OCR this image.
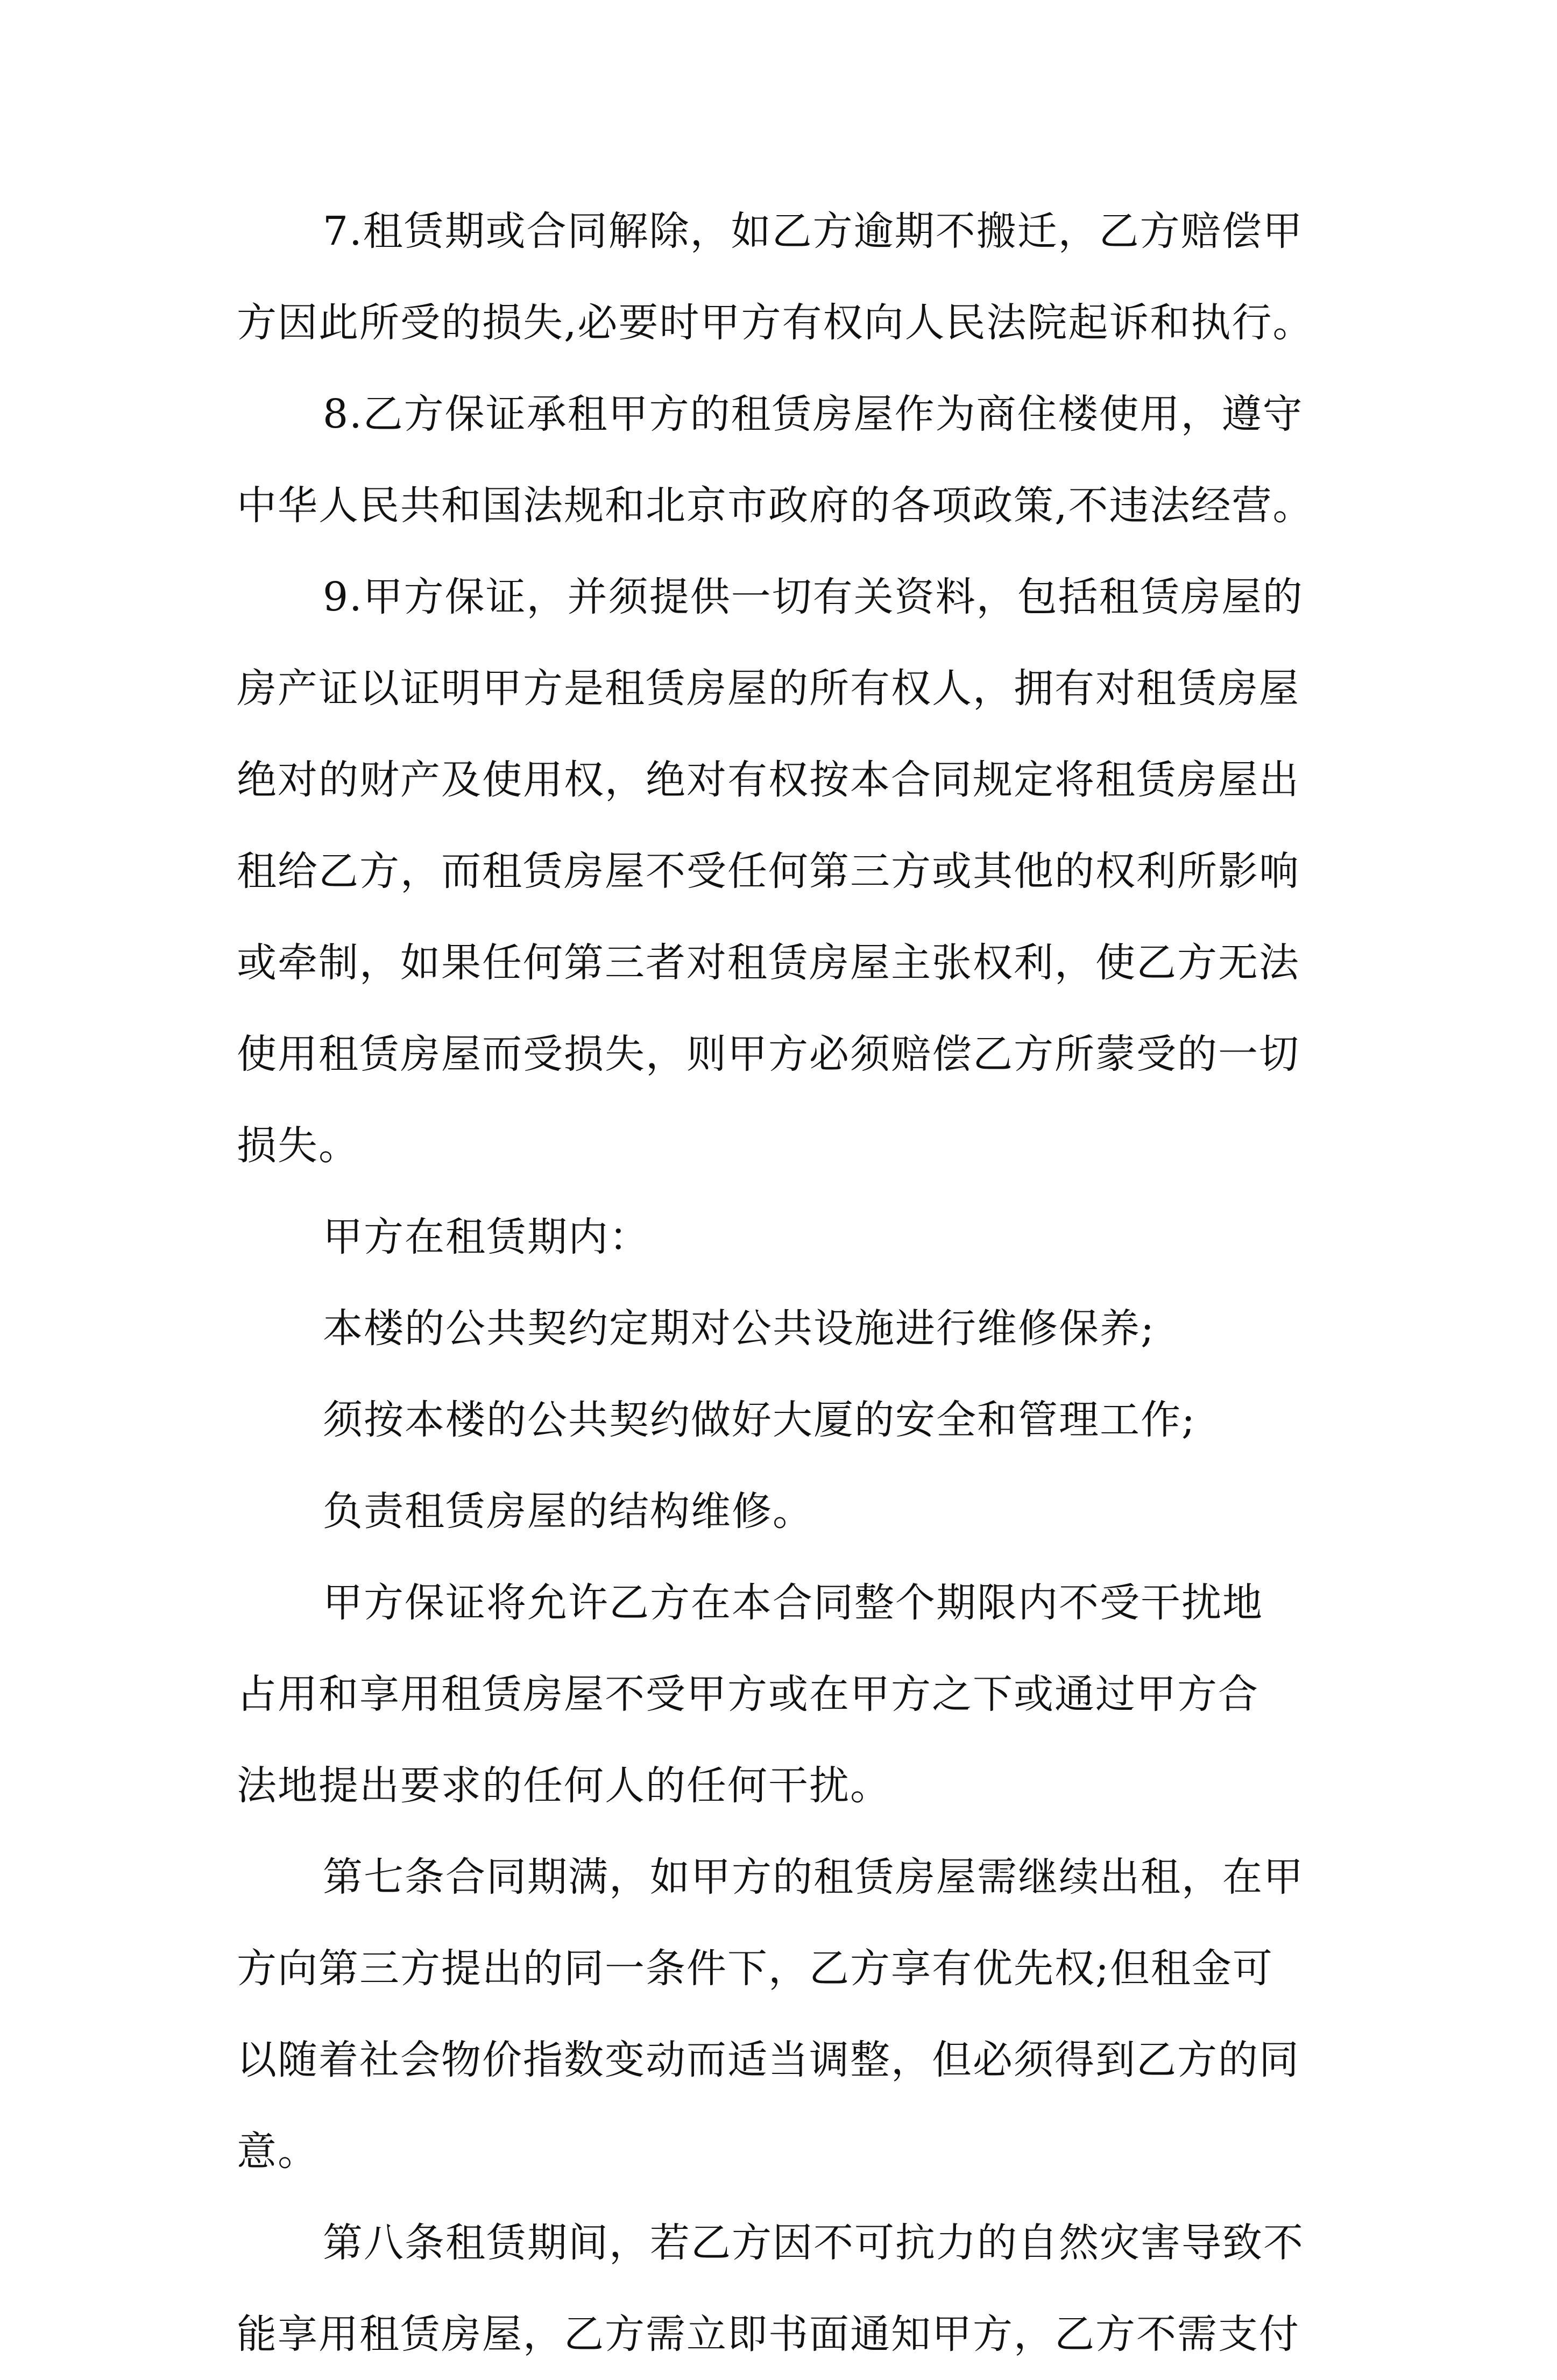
7.租赁期或合同解除，如乙方逾期不搬迁，乙方赔偿甲
方因此所受的损失,必要时甲方有权向人民法院起诉和执行。
8.乙方保证承租甲方的租赁房屋作为商住楼使用，遵守
中华人民共和国法规和北京市政府的各项政策,不违法经营。
9.甲方保证，并须提供一切有关资料，包括租赁房屋的
房产证以证明甲方是租赁房屋的所有权人，拥有对租赁房屋
绝对的财产及使用权，绝对有权按本合同规定将租赁房屋出
租给乙方，而租赁房屋不受任何第三方或其他的权利所影响
或牵制，如果任何第三者对租赁房屋主张权利，使乙方无法
使用租赁房屋而受损失，则甲方必须赔偿乙方所蒙受的一切
损失。
甲方在租赁期内：
本楼的公共契约定期对公共设施进行维修保养;
须按本楼的公共契约做好大厦的安全和管理工作;
负责租赁房屋的结构维修。
甲方保证将允许乙方在本合同整个期限内不受干扰地
占用和享用租赁房屋不受甲方或在甲方之下或通过甲方合
法地提出要求的任何人的任何干扰。
第七条合同期满，如甲方的租赁房屋需继续出租，在甲
方向第三方提出的同一条件下，乙方享有优先权;但租金可
以随着社会物价指数变动而适当调整，但必须得到乙方的同
意。
第八条租赁期间，若乙方因不可抗力的自然灾害导致不
能享用租赁房屋，乙方需立即书面通知甲方，乙方不需支付
